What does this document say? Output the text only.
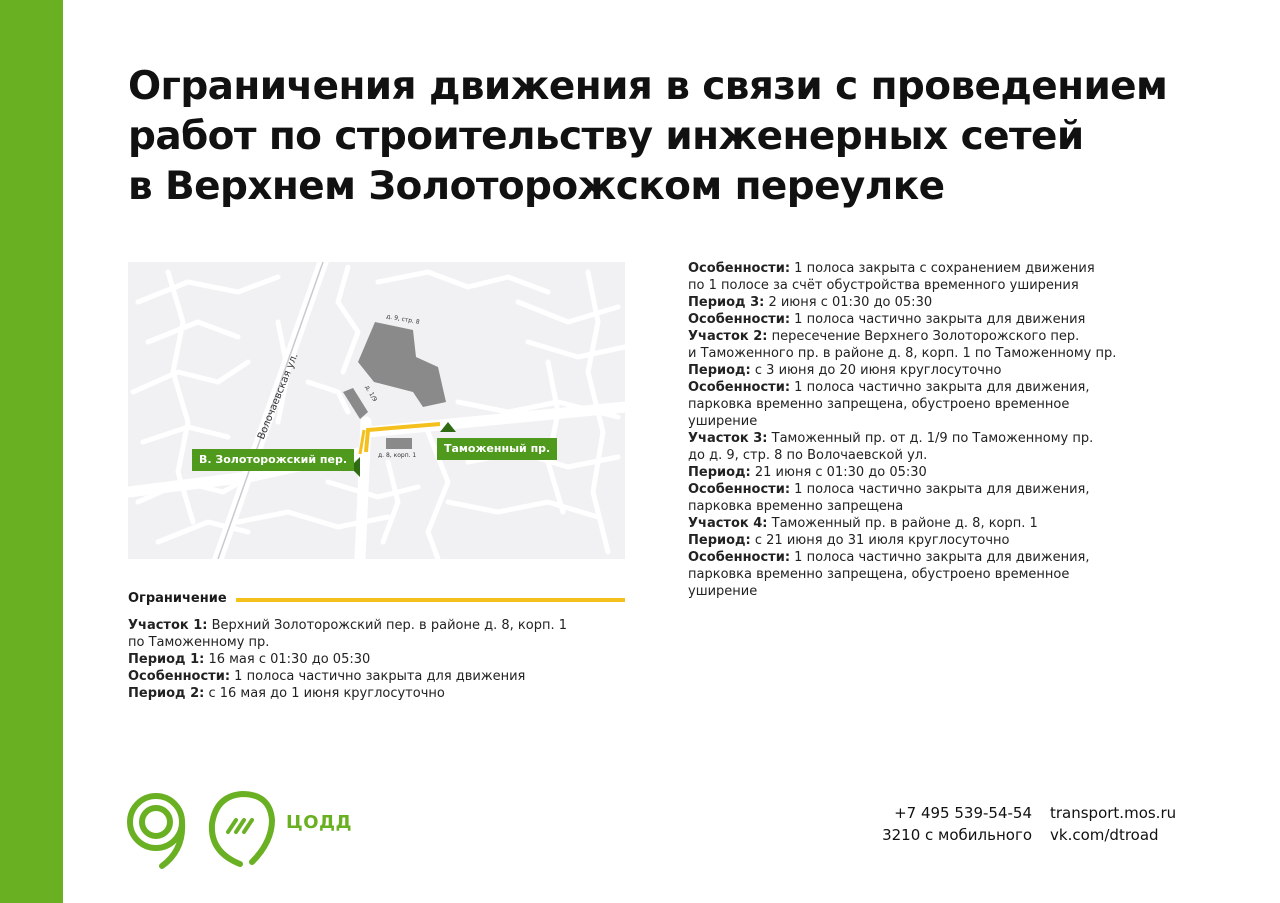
Ограничения движения в связи с проведением
работ по строительству инженерных сетей
в Верхнем Золоторожском переулке
д. 9, стр. 8
д. 1/9
д. 8, корп. 1
Волочаевская ул.
В. Золоторожский пер.
Таможенный пр.
Ограничение

Участок 1: Верхний Золоторожский пер. в районе д. 8, корп. 1
по Таможенному пр.

Период 1: 16 мая с 01:30 до 05:30

Особенности: 1 полоса частично закрыта для движения

Период 2: с 16 мая до 1 июня круглосуточно

Особенности: 1 полоса закрыта с сохранением движения
по 1 полосе за счёт обустройства временного уширения

Период 3: 2 июня с 01:30 до 05:30

Особенности: 1 полоса частично закрыта для движения

Участок 2: пересечение Верхнего Золоторожского пер.
и Таможенного пр. в районе д. 8, корп. 1 по Таможенному пр.

Период: с 3 июня до 20 июня круглосуточно

Особенности: 1 полоса частично закрыта для движения,
парковка временно запрещена, обустроено временное
уширение

Участок 3: Таможенный пр. от д. 1/9 по Таможенному пр.
до д. 9, стр. 8 по Волочаевской ул.

Период: 21 июня с 01:30 до 05:30

Особенности: 1 полоса частично закрыта для движения,
парковка временно запрещена

Участок 4: Таможенный пр. в районе д. 8, корп. 1

Период: с 21 июня до 31 июля круглосуточно

Особенности: 1 полоса частично закрыта для движения,
парковка временно запрещена, обустроено временное
уширение

ЦОДД	+7 495 539-54-54
3210 с мобильного
transport.mos.ru
vk.com/dtroad
